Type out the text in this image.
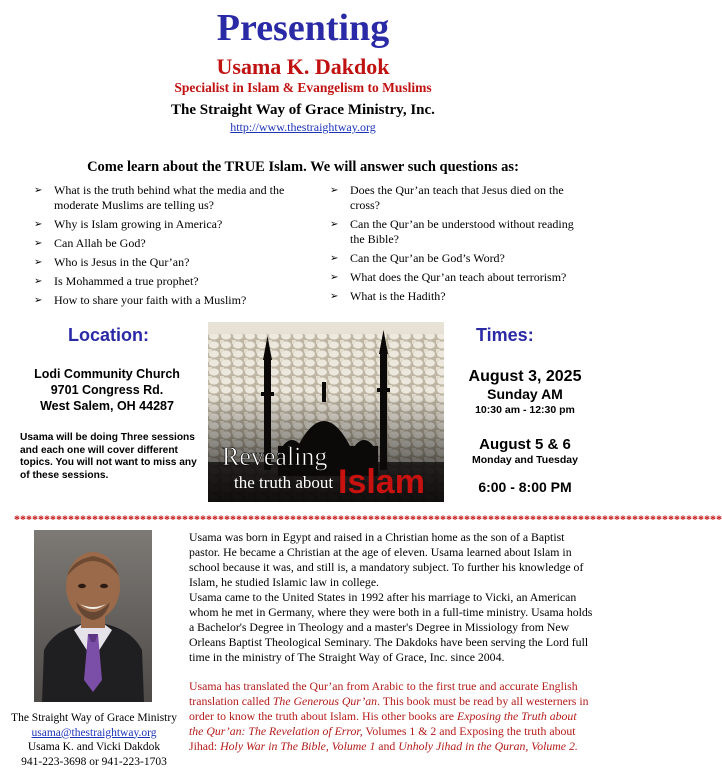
Presenting
Usama K. Dakdok
Specialist in Islam & Evangelism to Muslims
The Straight Way of Grace Ministry, Inc.
http://www.thestraightway.org
Come learn about the TRUE Islam. We will answer such questions as:
➢ What is the truth behind what the media and the moderate Muslims are telling us?
➢ Why is Islam growing in America?
➢ Can Allah be God?
➢ Who is Jesus in the Qur’an?
➢ Is Mohammed a true prophet?
➢ How to share your faith with a Muslim?
➢ Does the Qur’an teach that Jesus died on the cross?
➢ Can the Qur’an be understood without reading the Bible?
➢ Can the Qur’an be God’s Word?
➢ What does the Qur’an teach about terrorism?
➢ What is the Hadith?
Location:	Times:
Lodi Community Church
9701 Congress Rd.
West Salem, OH 44287
Usama will be doing Three sessions and each one will cover different topics. You will not want to miss any of these sessions.
Revealing
the truth about Islam
August 3, 2025
Sunday AM
10:30 am - 12:30 pm
August 5 & 6
Monday and Tuesday
6:00 - 8:00 PM
**********************************************************************************************************************
The Straight Way of Grace Ministry
usama@thestraightway.org
Usama K. and Vicki Dakdok
941-223-3698 or 941-223-1703

Usama was born in Egypt and raised in a Christian home as the son of a Baptist pastor. He became a Christian at the age of eleven. Usama learned about Islam in school because it was, and still is, a mandatory subject. To further his knowledge of Islam, he studied Islamic law in college.

Usama came to the United States in 1992 after his marriage to Vicki, an American whom he met in Germany, where they were both in a full-time ministry. Usama holds a Bachelor's Degree in Theology and a master's Degree in Missiology from New Orleans Baptist Theological Seminary. The Dakdoks have been serving the Lord full time in the ministry of The Straight Way of Grace, Inc. since 2004.

Usama has translated the Qur’an from Arabic to the first true and accurate English translation called The Generous Qur’an. This book must be read by all westerners in order to know the truth about Islam. His other books are Exposing the Truth about the Qur’an: The Revelation of Error, Volumes 1 & 2 and Exposing the truth about Jihad: Holy War in The Bible, Volume 1 and Unholy Jihad in the Quran, Volume 2.
